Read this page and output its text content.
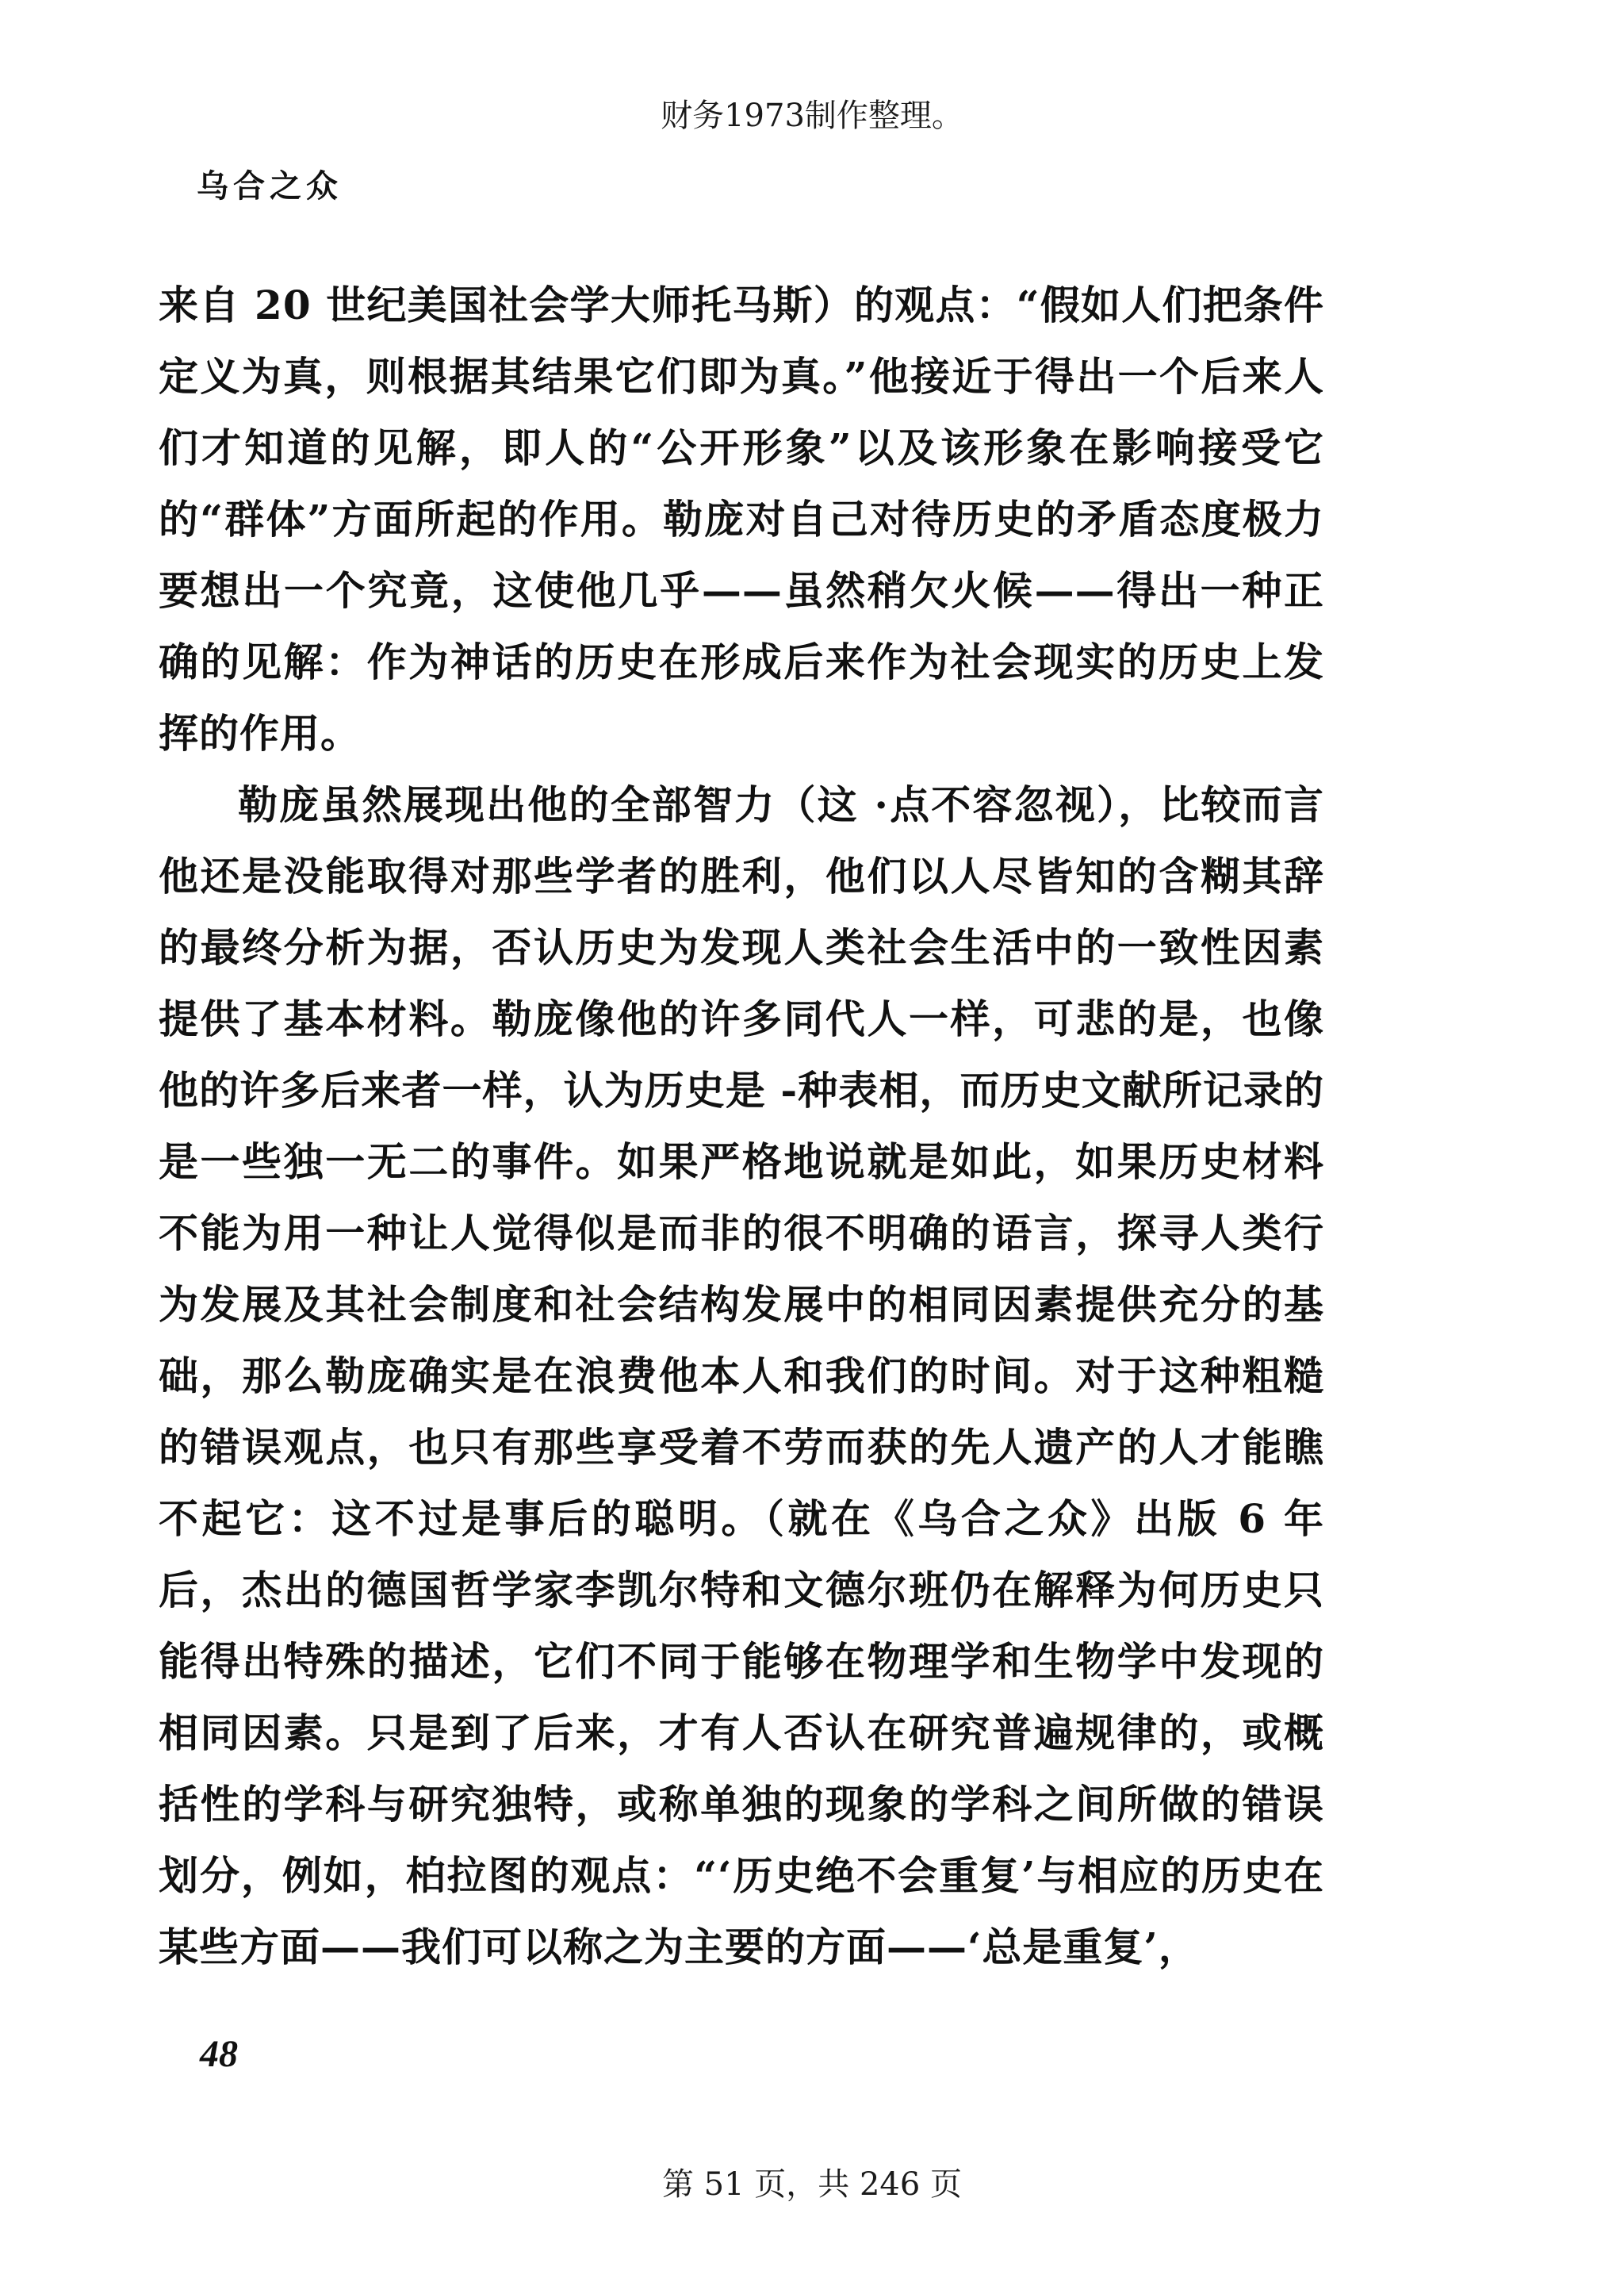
财务1973制作整理。
乌合之众

来自 20 世纪美国社会学大师托马斯）的观点：“假如人们把条件定义为真，则根据其结果它们即为真。”他接近于得出一个后来人们才知道的见解，即人的“公开形象”以及该形象在影响接受它的“群体”方面所起的作用。勒庞对自己对待历史的矛盾态度极力要想出一个究竟，这使他几乎——虽然稍欠火候——得出一种正确的见解：作为神话的历史在形成后来作为社会现实的历史上发挥的作用。

勒庞虽然展现出他的全部智力（这 ·点不容忽视），比较而言他还是没能取得对那些学者的胜利，他们以人尽皆知的含糊其辞的最终分析为据，否认历史为发现人类社会生活中的一致性因素提供了基本材料。勒庞像他的许多同代人一样，可悲的是，也像他的许多后来者一样，认为历史是 -种表相，而历史文献所记录的是一些独一无二的事件。如果严格地说就是如此，如果历史材料不能为用一种让人觉得似是而非的很不明确的语言，探寻人类行为发展及其社会制度和社会结构发展中的相同因素提供充分的基础，那么勒庞确实是在浪费他本人和我们的时间。对于这种粗糙的错误观点，也只有那些享受着不劳而获的先人遗产的人才能瞧不起它：这不过是事后的聪明。（就在《乌合之众》出版 6 年后，杰出的德国哲学家李凯尔特和文德尔班仍在解释为何历史只能得出特殊的描述，它们不同于能够在物理学和生物学中发现的相同因素。只是到了后来，才有人否认在研究普遍规律的，或概括性的学科与研究独特，或称单独的现象的学科之间所做的错误划分，例如，柏拉图的观点：“‘历史绝不会重复’与相应的历史在某些方面——我们可以称之为主要的方面——‘总是重复’，

48
第 51 页，共 246 页
